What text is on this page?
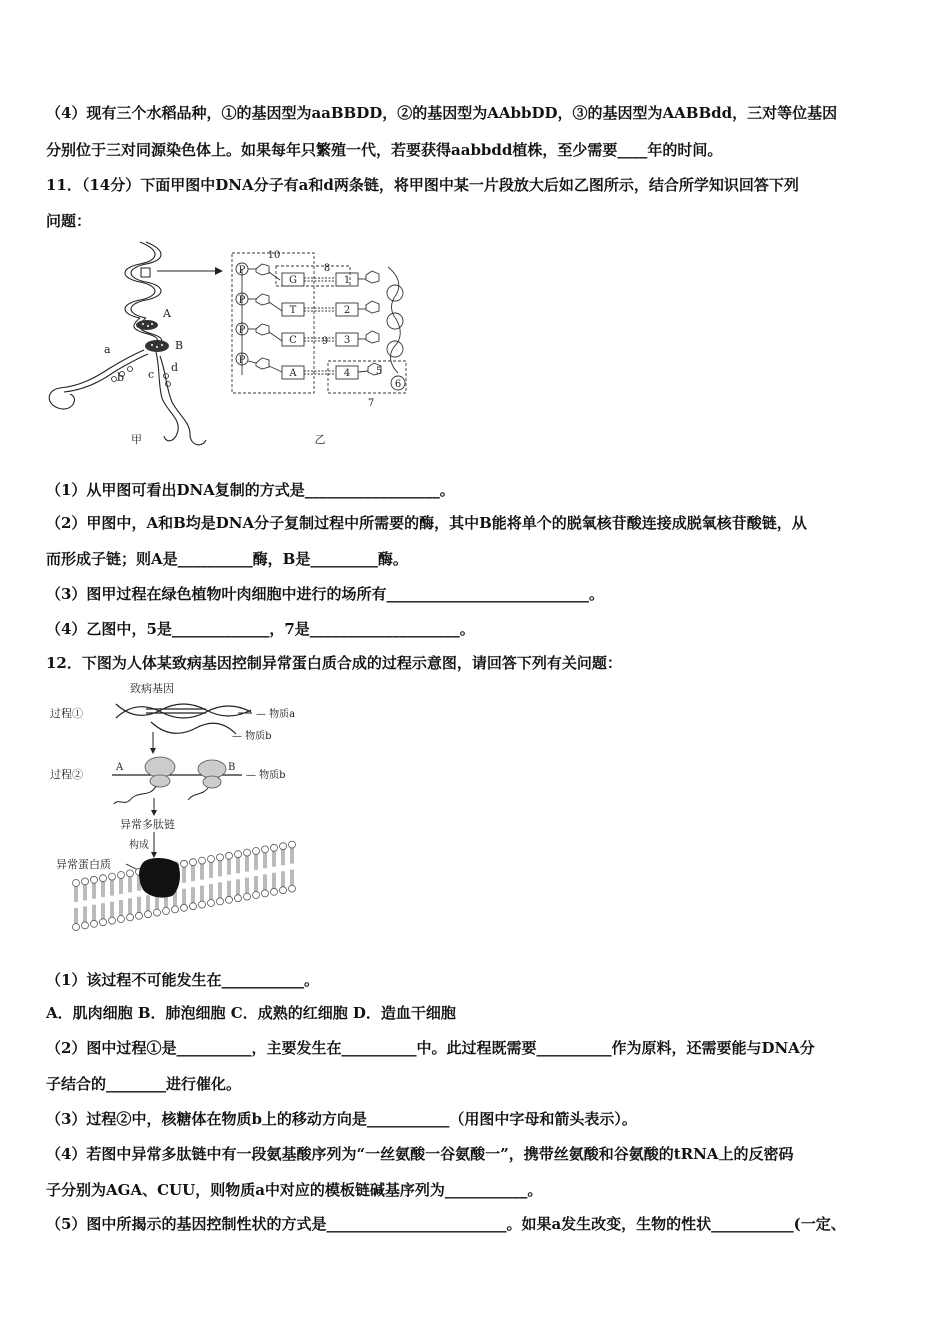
（4）现有三个水稻品种，①的基因型为aaBBDD，②的基因型为AAbbDD，③的基因型为AABBdd，三对等位基因
分别位于三对同源染色体上。如果每年只繁殖一代，若要获得aabbdd植株，至少需要____年的时间。
11．（14分）下面甲图中DNA分子有a和d两条链，将甲图中某一片段放大后如乙图所示，结合所学知识回答下列
问题：
A
B
a
b c
d
甲
P
P
P
P
G
T
C
A
1
2
3
4
10
8
9
5
6
7
乙
（1）从甲图可看出DNA复制的方式是__________________。
（2）甲图中，A和B均是DNA分子复制过程中所需要的酶，其中B能将单个的脱氧核苷酸连接成脱氧核苷酸链，从
而形成子链；则A是__________酶，B是_________酶。
（3）图甲过程在绿色植物叶肉细胞中进行的场所有___________________________。
（4）乙图中，5是_____________，7是____________________。
12．下图为人体某致病基因控制异常蛋白质合成的过程示意图，请回答下列有关问题：
致病基因
过程①	— 物质a
— 物质b
过程②
A	B
— 物质b
异常多肽链
构成
异常蛋白质
（1）该过程不可能发生在___________。
A．肌肉细胞 B．肺泡细胞 C．成熟的红细胞 D．造血干细胞
（2）图中过程①是__________，主要发生在__________中。此过程既需要__________作为原料，还需要能与DNA分
子结合的________进行催化。
（3）过程②中，核糖体在物质b上的移动方向是___________（用图中字母和箭头表示）。
（4）若图中异常多肽链中有一段氨基酸序列为“一丝氨酸一谷氨酸一”，携带丝氨酸和谷氨酸的tRNA上的反密码
子分别为AGA、CUU，则物质a中对应的模板链碱基序列为___________。
（5）图中所揭示的基因控制性状的方式是________________________。如果a发生改变，生物的性状___________(一定、
